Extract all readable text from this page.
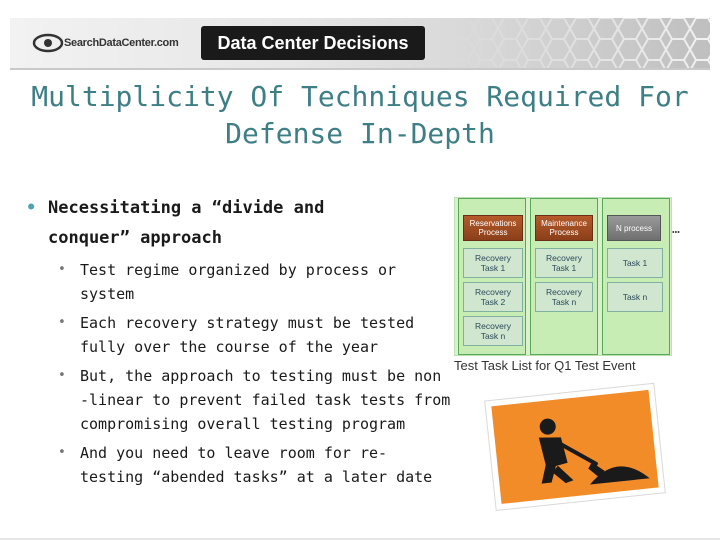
SearchDataCenter.com	Data Center Decisions
Multiplicity Of Techniques Required For
Defense In-Depth
• Necessitating a “divide and
conquer” approach
• Test regime organized by process or
system
• Each recovery strategy must be tested
fully over the course of the year
• But, the approach to testing must be non
-linear to prevent failed task tests from
compromising overall testing program
• And you need to leave room for re-
testing “abended tasks” at a later date
Reservations
Process
Recovery
Task 1
Recovery
Task 2
Recovery
Task n
Maintenance
Process
Recovery
Task 1
Recovery
Task n
N process
Task 1
Task n
…
Test Task List for Q1 Test Event
